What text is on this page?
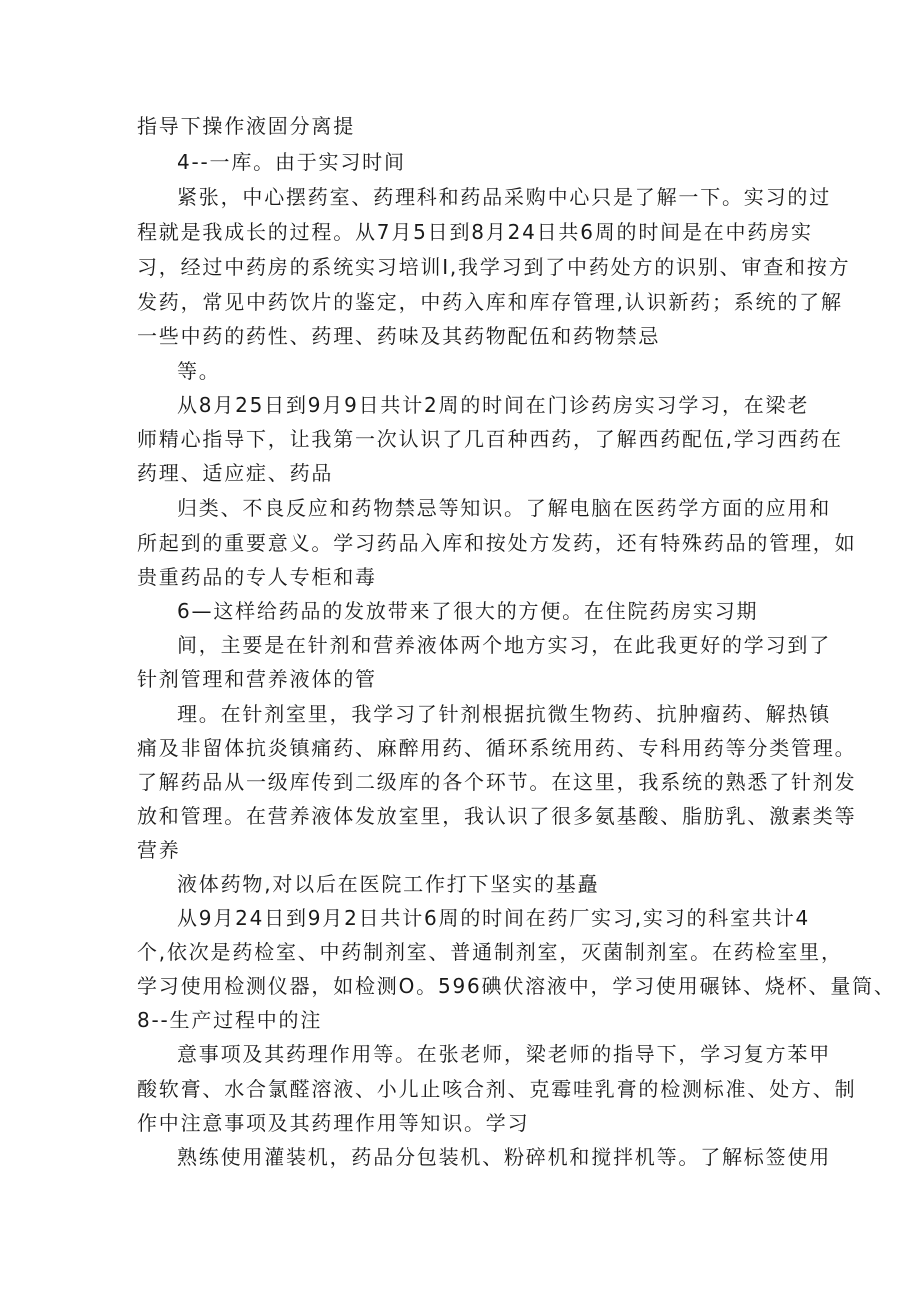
指导下操作液固分离提
4--一库。由于实习时间
紧张，中心摆药室、药理科和药品采购中心只是了解一下。实习的过
程就是我成长的过程。从7月5日到8月24日共6周的时间是在中药房实
习，经过中药房的系统实习培训I,我学习到了中药处方的识别、审查和按方
发药，常见中药饮片的鉴定，中药入库和库存管理,认识新药；系统的了解
一些中药的药性、药理、药味及其药物配伍和药物禁忌
等。
从8月25日到9月9日共计2周的时间在门诊药房实习学习，在梁老
师精心指导下，让我第一次认识了几百种西药，了解西药配伍,学习西药在
药理、适应症、药品
归类、不良反应和药物禁忌等知识。了解电脑在医药学方面的应用和
所起到的重要意义。学习药品入库和按处方发药，还有特殊药品的管理，如
贵重药品的专人专柜和毒
6—这样给药品的发放带来了很大的方便。在住院药房实习期
间，主要是在针剂和营养液体两个地方实习，在此我更好的学习到了
针剂管理和营养液体的管
理。在针剂室里，我学习了针剂根据抗微生物药、抗肿瘤药、解热镇
痛及非留体抗炎镇痛药、麻醉用药、循环系统用药、专科用药等分类管理。
了解药品从一级库传到二级库的各个环节。在这里，我系统的熟悉了针剂发
放和管理。在营养液体发放室里，我认识了很多氨基酸、脂肪乳、激素类等
营养
液体药物,对以后在医院工作打下坚实的基矗
从9月24日到9月2日共计6周的时间在药厂实习,实习的科室共计4
个,依次是药检室、中药制剂室、普通制剂室，灭菌制剂室。在药检室里，
学习使用检测仪器，如检测O。596碘伏溶液中，学习使用碾钵、烧杯、量筒、
8--生产过程中的注
意事项及其药理作用等。在张老师，梁老师的指导下，学习复方苯甲
酸软膏、水合氯醛溶液、小儿止咳合剂、克霉哇乳膏的检测标准、处方、制
作中注意事项及其药理作用等知识。学习
熟练使用灌装机，药品分包装机、粉碎机和搅拌机等。了解标签使用
